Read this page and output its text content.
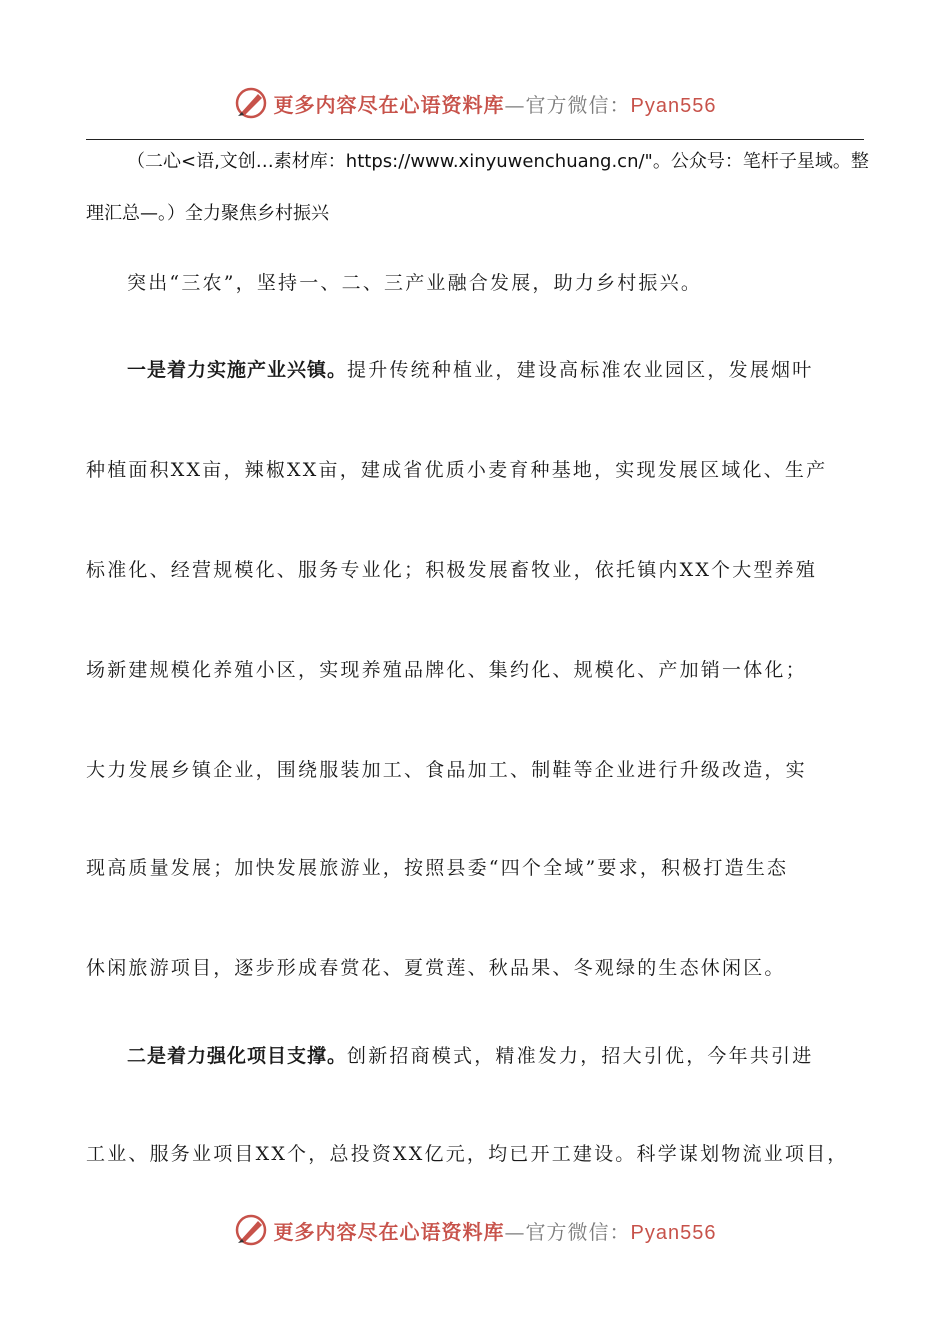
更多内容尽在心语资料库—官方微信：Pyan556
（二心<语,文创…素材库：https://www.xinyuwenchuang.cn/"。公众号：笔杆子星域。整
理汇总—。）全力聚焦乡村振兴
突出“三农”，坚持一、二、三产业融合发展，助力乡村振兴。
一是着力实施产业兴镇。提升传统种植业，建设高标准农业园区，发展烟叶
种植面积XX亩，辣椒XX亩，建成省优质小麦育种基地，实现发展区域化、生产
标准化、经营规模化、服务专业化；积极发展畜牧业，依托镇内XX个大型养殖
场新建规模化养殖小区，实现养殖品牌化、集约化、规模化、产加销一体化；
大力发展乡镇企业，围绕服装加工、食品加工、制鞋等企业进行升级改造，实
现高质量发展；加快发展旅游业，按照县委“四个全域”要求，积极打造生态
休闲旅游项目，逐步形成春赏花、夏赏莲、秋品果、冬观绿的生态休闲区。
二是着力强化项目支撑。创新招商模式，精准发力，招大引优，今年共引进
工业、服务业项目XX个，总投资XX亿元，均已开工建设。科学谋划物流业项目，
更多内容尽在心语资料库—官方微信：Pyan556
